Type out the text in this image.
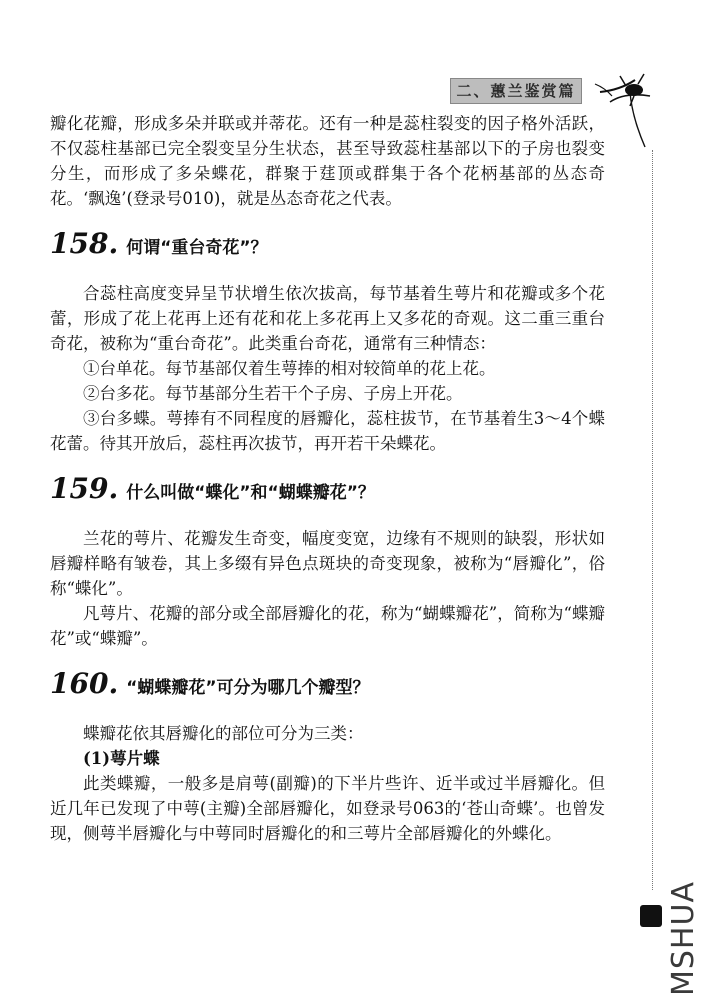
二、蕙兰鉴赏篇
MSHUA

瓣化花瓣，形成多朵并联或并蒂花。还有一种是蕊柱裂变的因子格外活跃，不仅蕊柱基部已完全裂变呈分生状态，甚至导致蕊柱基部以下的子房也裂变分生，而形成了多朵蝶花，群聚于莛顶或群集于各个花柄基部的丛态奇花。‘飘逸’(登录号010)，就是丛态奇花之代表。

158. 何谓“重台奇花”？

合蕊柱高度变异呈节状增生依次拔高，每节基着生萼片和花瓣或多个花蕾，形成了花上花再上还有花和花上多花再上又多花的奇观。这二重三重台奇花，被称为“重台奇花”。此类重台奇花，通常有三种情态：

①台单花。每节基部仅着生萼捧的相对较简单的花上花。

②台多花。每节基部分生若干个子房、子房上开花。

③台多蝶。萼捧有不同程度的唇瓣化，蕊柱拔节，在节基着生3～4个蝶花蕾。待其开放后，蕊柱再次拔节，再开若干朵蝶花。

159. 什么叫做“蝶化”和“蝴蝶瓣花”？

兰花的萼片、花瓣发生奇变，幅度变宽，边缘有不规则的缺裂，形状如唇瓣样略有皱卷，其上多缀有异色点斑块的奇变现象，被称为“唇瓣化”，俗称“蝶化”。

凡萼片、花瓣的部分或全部唇瓣化的花，称为“蝴蝶瓣花”，简称为“蝶瓣花”或“蝶瓣”。

160. “蝴蝶瓣花”可分为哪几个瓣型？

蝶瓣花依其唇瓣化的部位可分为三类：

(1)萼片蝶

此类蝶瓣，一般多是肩萼(副瓣)的下半片些许、近半或过半唇瓣化。但近几年已发现了中萼(主瓣)全部唇瓣化，如登录号063的‘苍山奇蝶’。也曾发现，侧萼半唇瓣化与中萼同时唇瓣化的和三萼片全部唇瓣化的外蝶化。
